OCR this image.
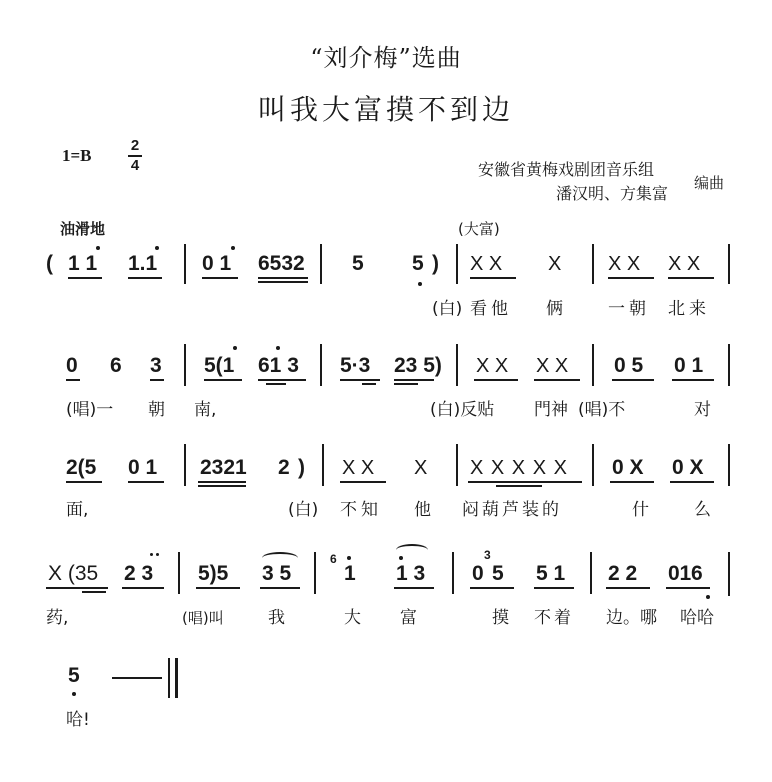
“刘介梅”选曲
叫我大富摸不到边
1=B
2
4	安徽省黄梅戏剧团音乐组
潘汉明、方集富
编曲
油滑地	(大富)
( 1 1 1.1 0 1 6532 5 5 ) X X X X X X X
(白) 看他 俩	一朝 北来
0 6 3 5(1 61 3 5·3 23 5) X X X X 0 5 0 1
(唱)一 朝 南,	(白)反贴 門神 (唱)不	对
2(5 0 1 2321 2 ) X X X X X X X X 0 X 0 X
面,	(白) 不知 他 闷葫芦装的	什	么
X (35 2 3 5)5 3 5
6
1 1 3
3
0 5 5 1 2 2 0 1 6
药,	(唱)叫	我	大 富	摸 不着 边。哪 哈哈
5
哈!
